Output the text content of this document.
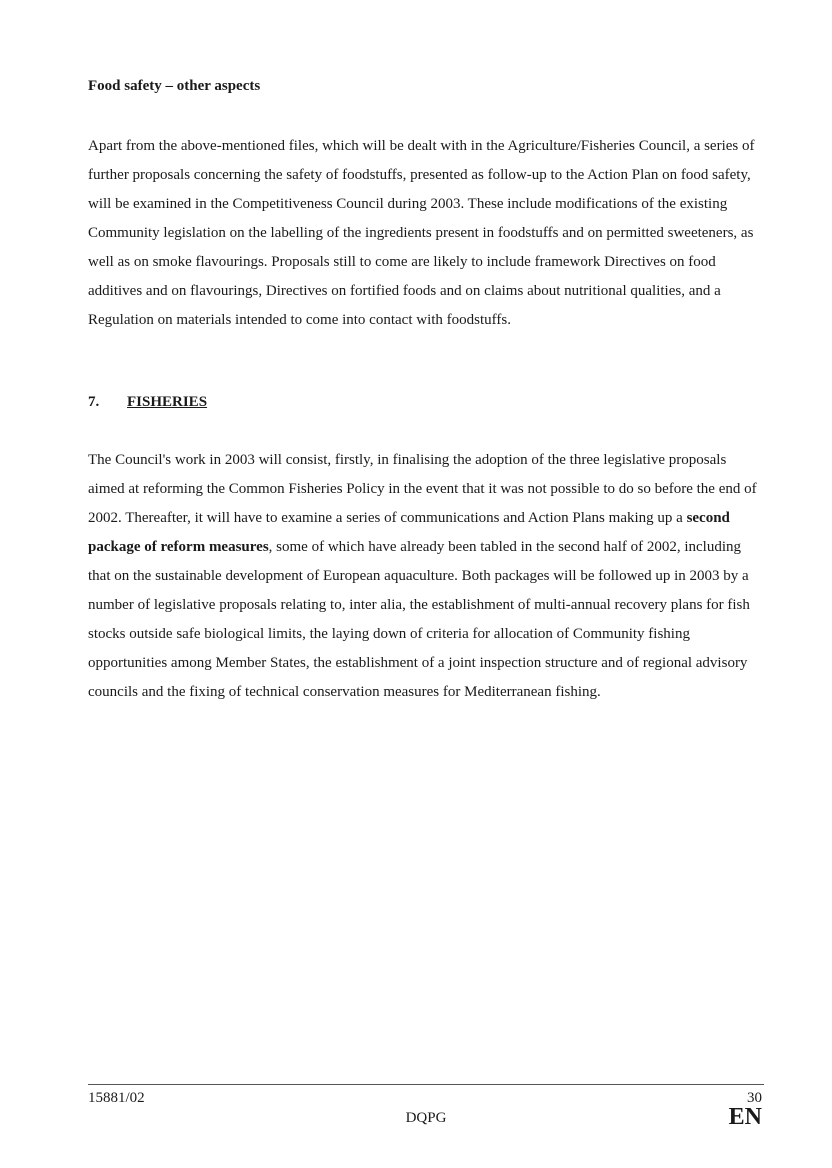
Food safety – other aspects

Apart from the above-mentioned files, which will be dealt with in the Agriculture/Fisheries Council, a series of further proposals concerning the safety of foodstuffs, presented as follow-up to the Action Plan on food safety, will be examined in the Competitiveness Council during 2003. These include modifications of the existing Community legislation on the labelling of the ingredients present in foodstuffs and on permitted sweeteners, as well as on smoke flavourings. Proposals still to come are likely to include framework Directives on food additives and on flavourings, Directives on fortified foods and on claims about nutritional qualities, and a Regulation on materials intended to come into contact with foodstuffs.

7. FISHERIES

The Council's work in 2003 will consist, firstly, in finalising the adoption of the three legislative proposals aimed at reforming the Common Fisheries Policy in the event that it was not possible to do so before the end of 2002. Thereafter, it will have to examine a series of communications and Action Plans making up a second package of reform measures, some of which have already been tabled in the second half of 2002, including that on the sustainable development of European aquaculture. Both packages will be followed up in 2003 by a number of legislative proposals relating to, inter alia, the establishment of multi-annual recovery plans for fish stocks outside safe biological limits, the laying down of criteria for allocation of Community fishing opportunities among Member States, the establishment of a joint inspection structure and of regional advisory councils and the fixing of technical conservation measures for Mediterranean fishing.

15881/02

DQPG

30

EN
